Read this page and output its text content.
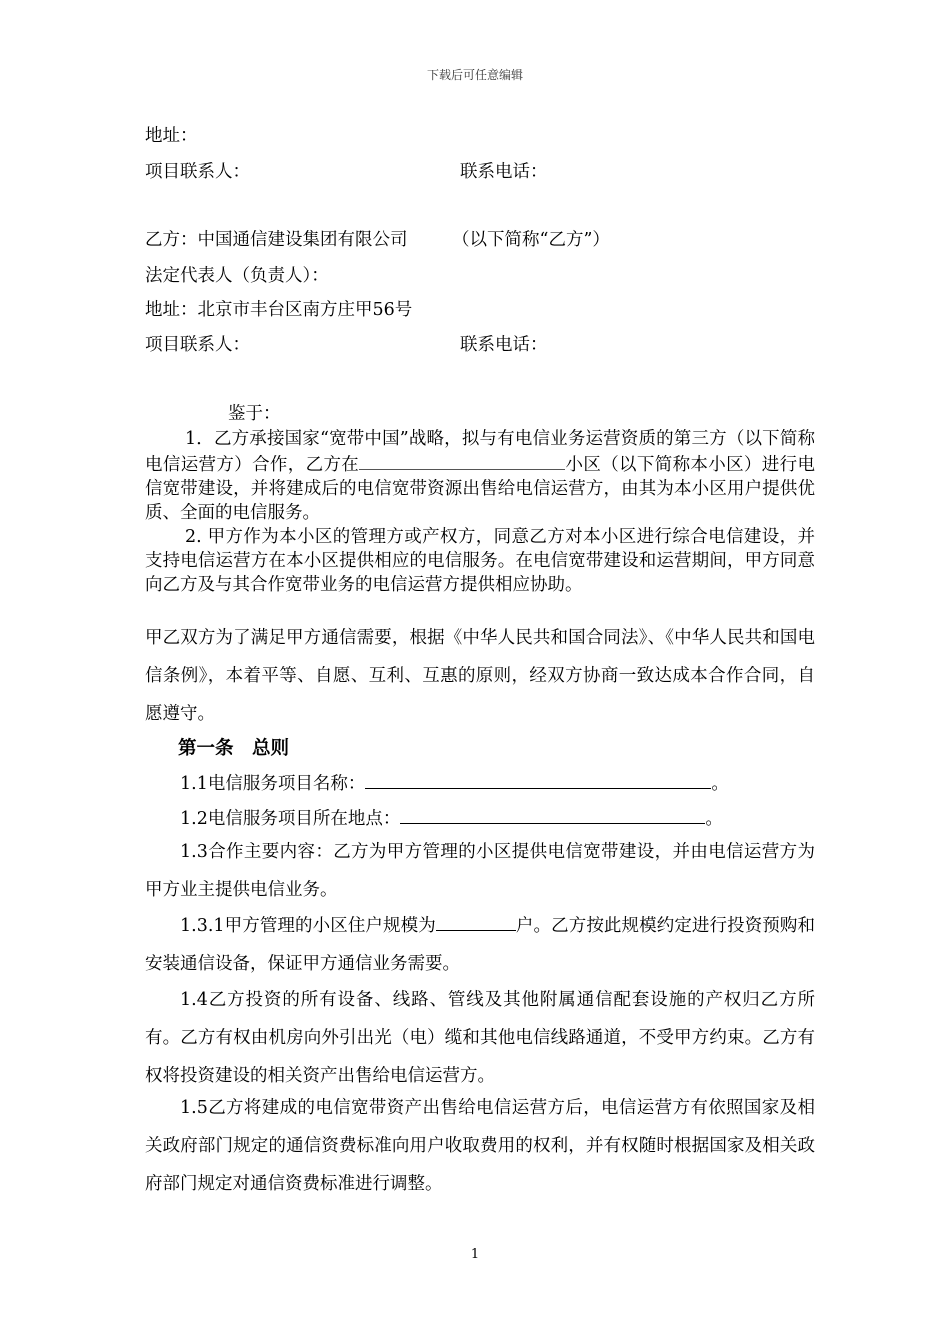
下载后可任意编辑
地址：
项目联系人：	联系电话：
乙方：中国通信建设集团有限公司	（以下简称“乙方”）
法定代表人（负责人）：
地址：北京市丰台区南方庄甲56号
项目联系人：	联系电话：
鉴于：
1．乙方承接国家“宽带中国”战略，拟与有电信业务运营资质的第三方（以下简称电信运营方）合作，乙方在	小区（以下简称本小区）进行电信宽带建设，并将建成后的电信宽带资源出售给电信运营方，由其为本小区用户提供优质、全面的电信服务。
2. 甲方作为本小区的管理方或产权方，同意乙方对本小区进行综合电信建设，并支持电信运营方在本小区提供相应的电信服务。在电信宽带建设和运营期间，甲方同意向乙方及与其合作宽带业务的电信运营方提供相应协助。
甲乙双方为了满足甲方通信需要，根据《中华人民共和国合同法》、《中华人民共和国电信条例》，本着平等、自愿、互利、互惠的原则，经双方协商一致达成本合作合同，自愿遵守。
第一条　总则
1.1电信服务项目名称：	。
1.2电信服务项目所在地点：	。
1.3合作主要内容：乙方为甲方管理的小区提供电信宽带建设，并由电信运营方为甲方业主提供电信业务。
1.3.1甲方管理的小区住户规模为	户。乙方按此规模约定进行投资预购和安装通信设备，保证甲方通信业务需要。
1.4乙方投资的所有设备、线路、管线及其他附属通信配套设施的产权归乙方所有。乙方有权由机房向外引出光（电）缆和其他电信线路通道，不受甲方约束。乙方有权将投资建设的相关资产出售给电信运营方。
1.5乙方将建成的电信宽带资产出售给电信运营方后，电信运营方有依照国家及相关政府部门规定的通信资费标准向用户收取费用的权利，并有权随时根据国家及相关政府部门规定对通信资费标准进行调整。
1
